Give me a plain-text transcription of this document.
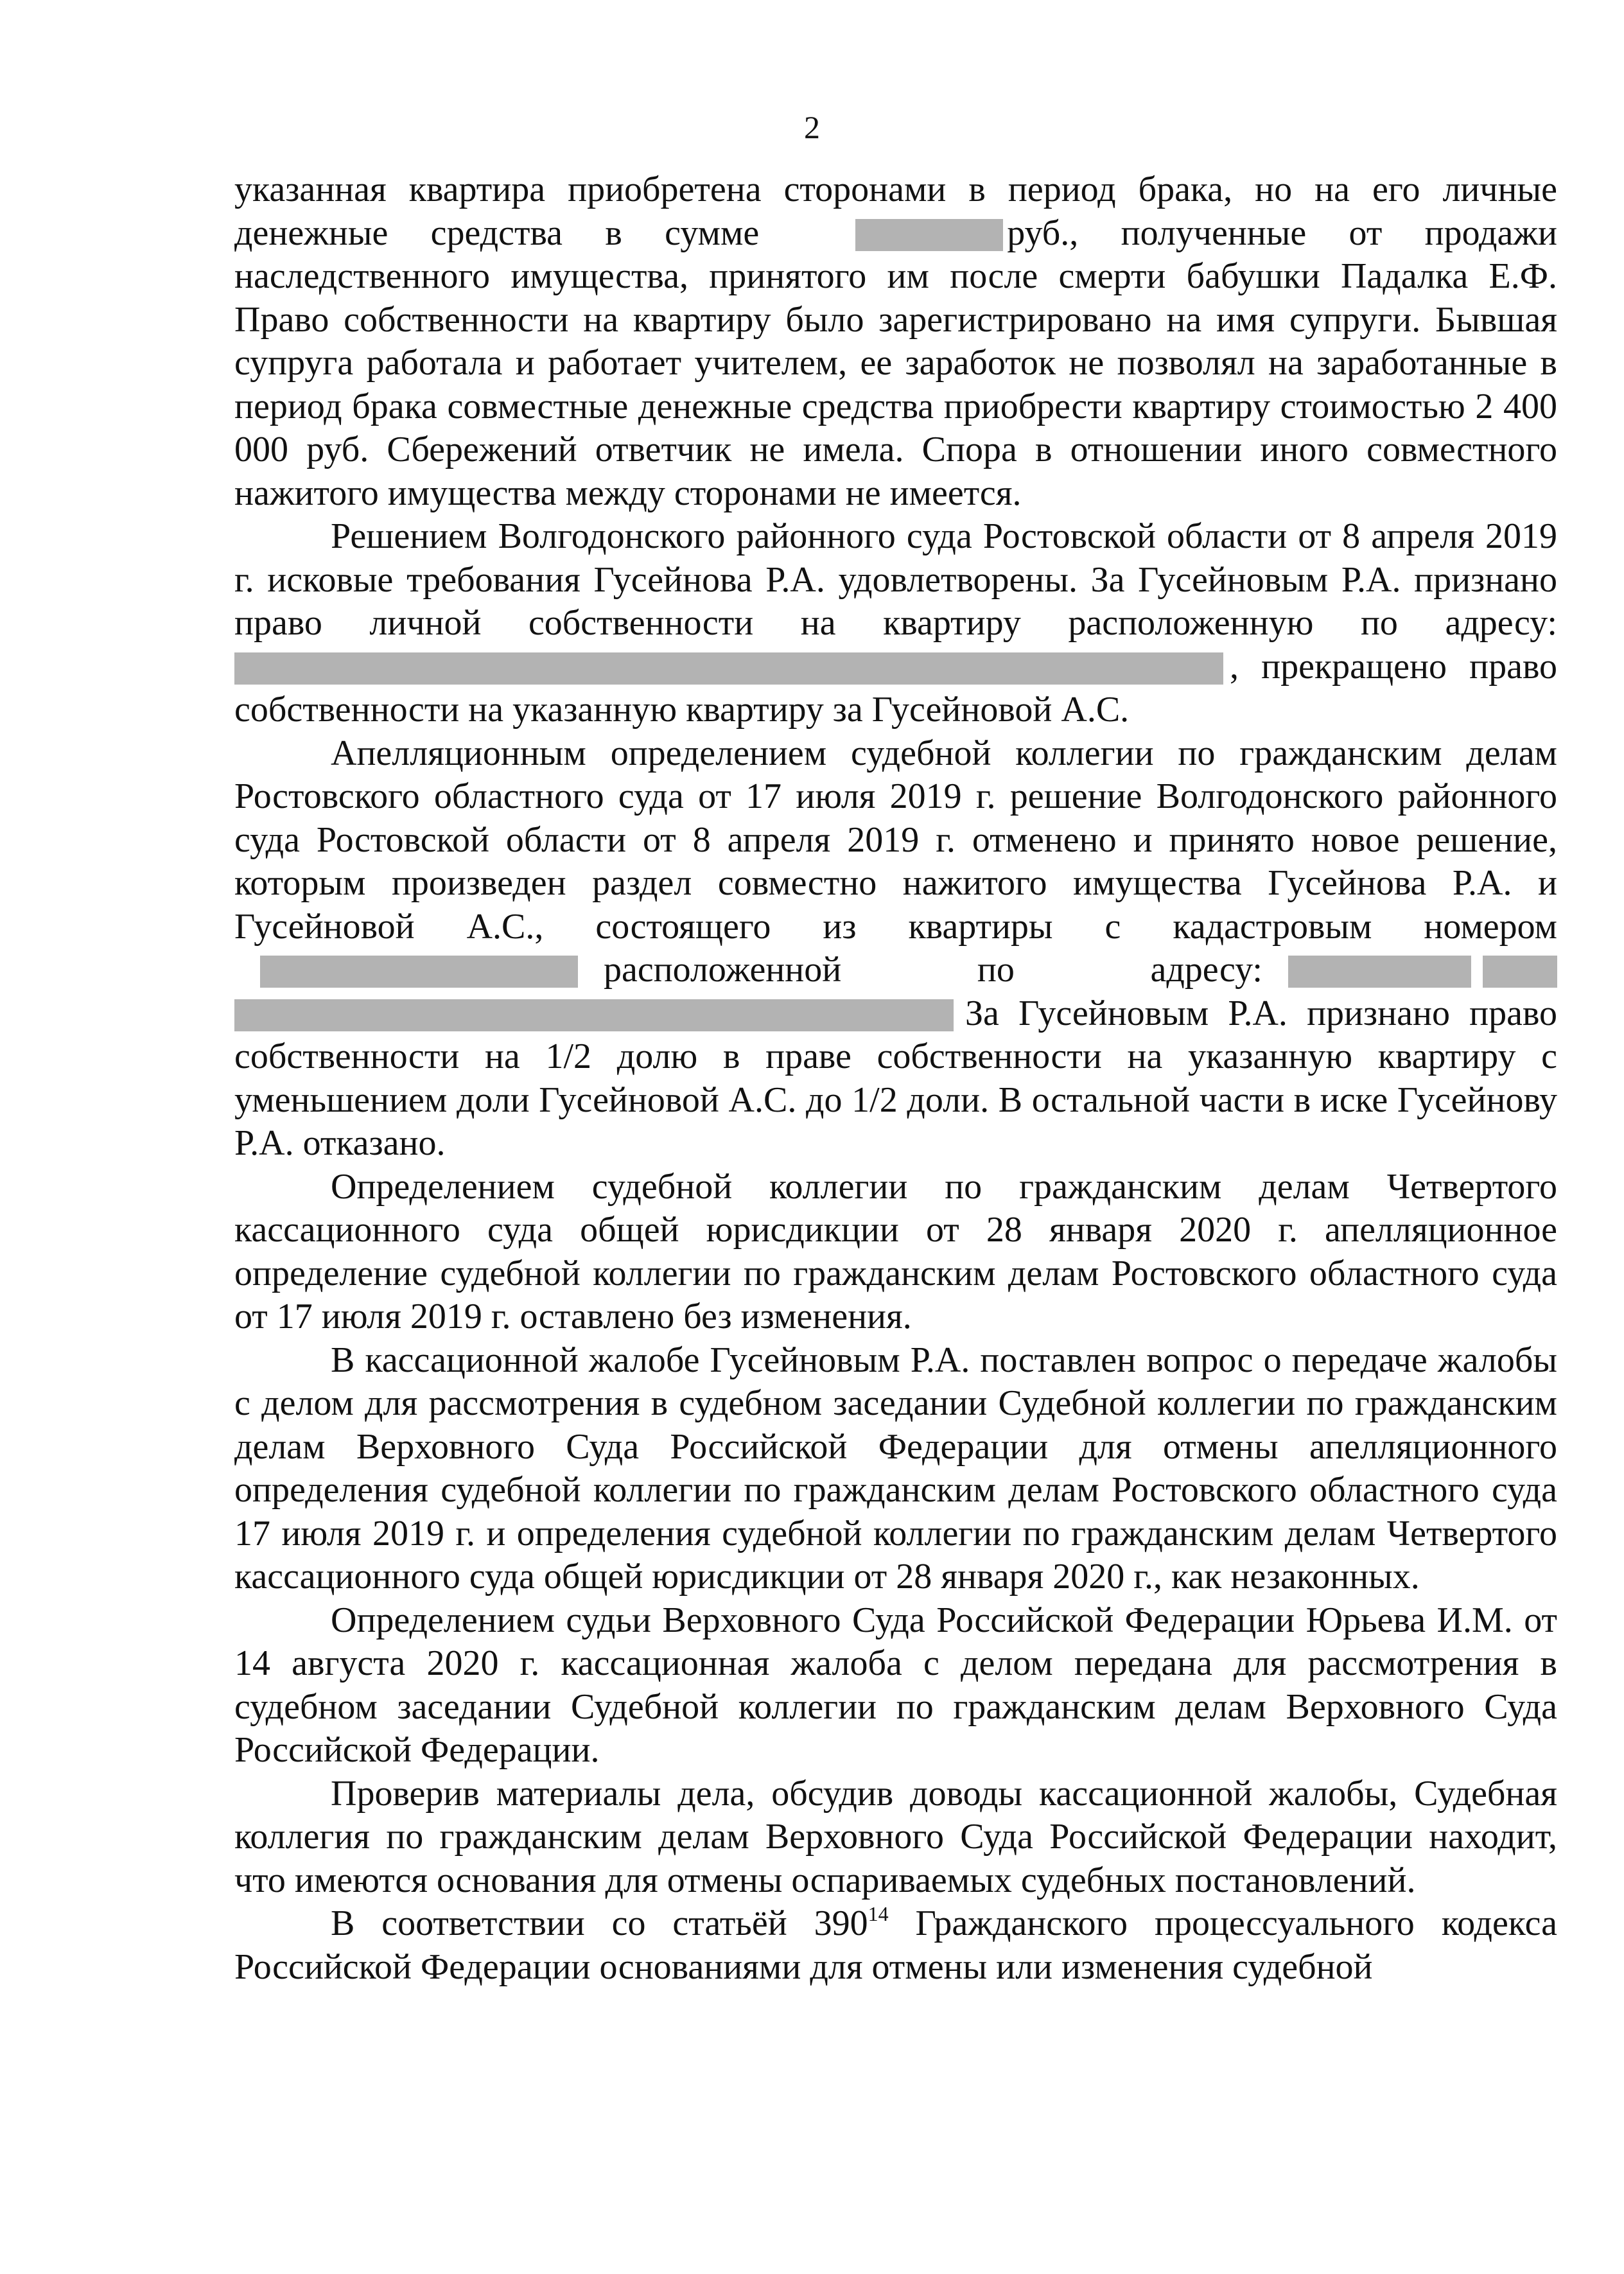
2

указанная квартира приобретена сторонами в период брака, но на его личные денежные средства в сумме	руб., полученные от продажи наследственного имущества, принятого им после смерти бабушки Падалка Е.Ф. Право собственности на квартиру было зарегистрировано на имя супруги. Бывшая супруга работала и работает учителем, ее заработок не позволял на заработанные в период брака совместные денежные средства приобрести квартиру стоимостью 2 400 000 руб. Сбережений ответчик не имела. Спора в отношении иного совместного нажитого имущества между сторонами не имеется.

Решением Волгодонского районного суда Ростовской области от 8 апреля 2019 г. исковые требования Гусейнова Р.А. удовлетворены. За Гусейновым Р.А. признано право личной собственности на квартиру расположенную по адресу: , прекращено право собственности на указанную квартиру за Гусейновой А.С.

Апелляционным определением судебной коллегии по гражданским делам Ростовского областного суда от 17 июля 2019 г. решение Волгодонского районного суда Ростовской области от 8 апреля 2019 г. отменено и принято новое решение, которым произведен раздел совместно нажитого имущества Гусейнова Р.А. и Гусейновой А.С., состоящего из квартиры с кадастровым номеромрасположенной по адресу: За Гусейновым Р.А. признано право собственности на 1/2 долю в праве собственности на указанную квартиру с уменьшением доли Гусейновой А.С. до 1/2 доли. В остальной части в иске Гусейнову Р.А. отказано.

Определением судебной коллегии по гражданским делам Четвертого кассационного суда общей юрисдикции от 28 января 2020 г. апелляционное определение судебной коллегии по гражданским делам Ростовского областного суда от 17 июля 2019 г. оставлено без изменения.

В кассационной жалобе Гусейновым Р.А. поставлен вопрос о передаче жалобы с делом для рассмотрения в судебном заседании Судебной коллегии по гражданским делам Верховного Суда Российской Федерации для отмены апелляционного определения судебной коллегии по гражданским делам Ростовского областного суда 17 июля 2019 г. и определения судебной коллегии по гражданским делам Четвертого кассационного суда общей юрисдикции от 28 января 2020 г., как незаконных.

Определением судьи Верховного Суда Российской Федерации Юрьева И.М. от 14 августа 2020 г. кассационная жалоба с делом передана для рассмотрения в судебном заседании Судебной коллегии по гражданским делам Верховного Суда Российской Федерации.

Проверив материалы дела, обсудив доводы кассационной жалобы, Судебная коллегия по гражданским делам Верховного Суда Российской Федерации находит, что имеются основания для отмены оспариваемых судебных постановлений.

В соответствии со статьёй $390^{14}$ Гражданского процессуального кодекса Российской Федерации основаниями для отмены или изменения судебной
